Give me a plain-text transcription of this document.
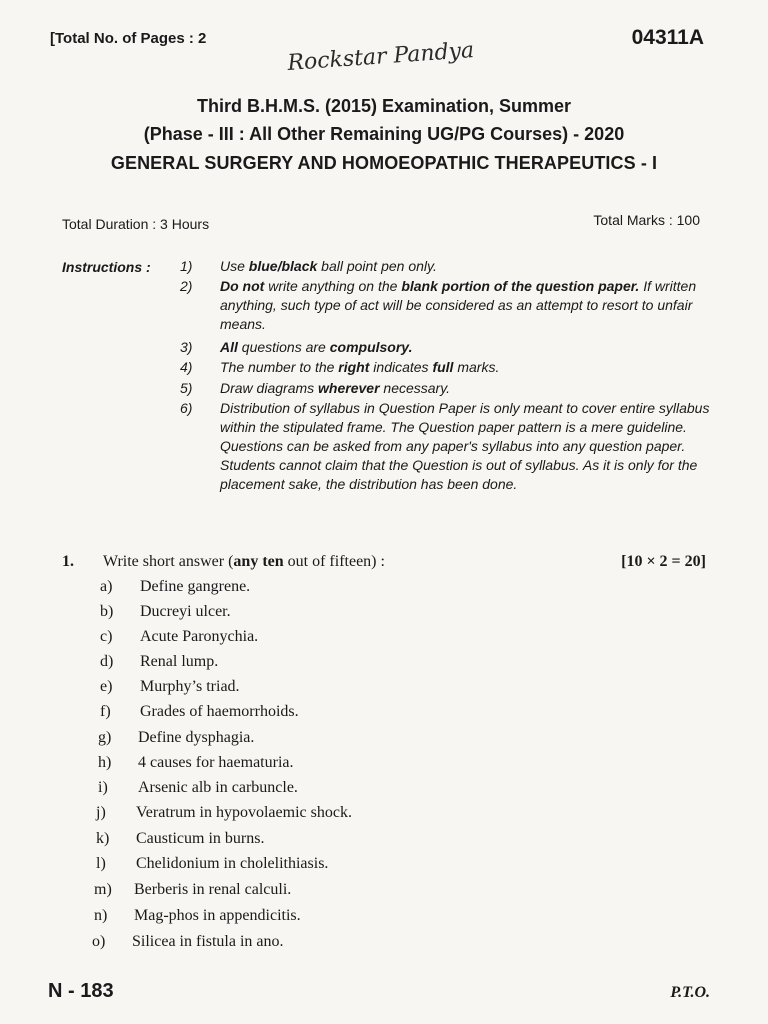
[Total No. of Pages : 2	04311A
Rockstar Pandya
Third B.H.M.S. (2015) Examination, Summer
(Phase - III : All Other Remaining UG/PG Courses) - 2020
GENERAL SURGERY AND HOMOEOPATHIC THERAPEUTICS - I
Total Duration : 3 Hours	Total Marks : 100
Instructions : 1)	Use blue/black ball point pen only.
2)	Do not write anything on the blank portion of the question paper. If written anything, such type of act will be considered as an attempt to resort to unfair means.
3)	All questions are compulsory.
4)	The number to the right indicates full marks.
5)	Draw diagrams wherever necessary.
6)	Distribution of syllabus in Question Paper is only meant to cover entire syllabus within the stipulated frame. The Question paper pattern is a mere guideline. Questions can be asked from any paper's syllabus into any question paper. Students cannot claim that the Question is out of syllabus. As it is only for the placement sake, the distribution has been done.
1. Write short answer (any ten out of fifteen) :	[10 × 2 = 20]
a) Define gangrene.
b) Ducreyi ulcer.
c) Acute Paronychia.
d) Renal lump.
e) Murphy’s triad.
f) Grades of haemorrhoids.
g) Define dysphagia.
h) 4 causes for haematuria.
i) Arsenic alb in carbuncle.
j) Veratrum in hypovolaemic shock.
k) Causticum in burns.
l) Chelidonium in cholelithiasis.
m) Berberis in renal calculi.
n) Mag-phos in appendicitis.
o) Silicea in fistula in ano.
N - 183	P.T.O.
